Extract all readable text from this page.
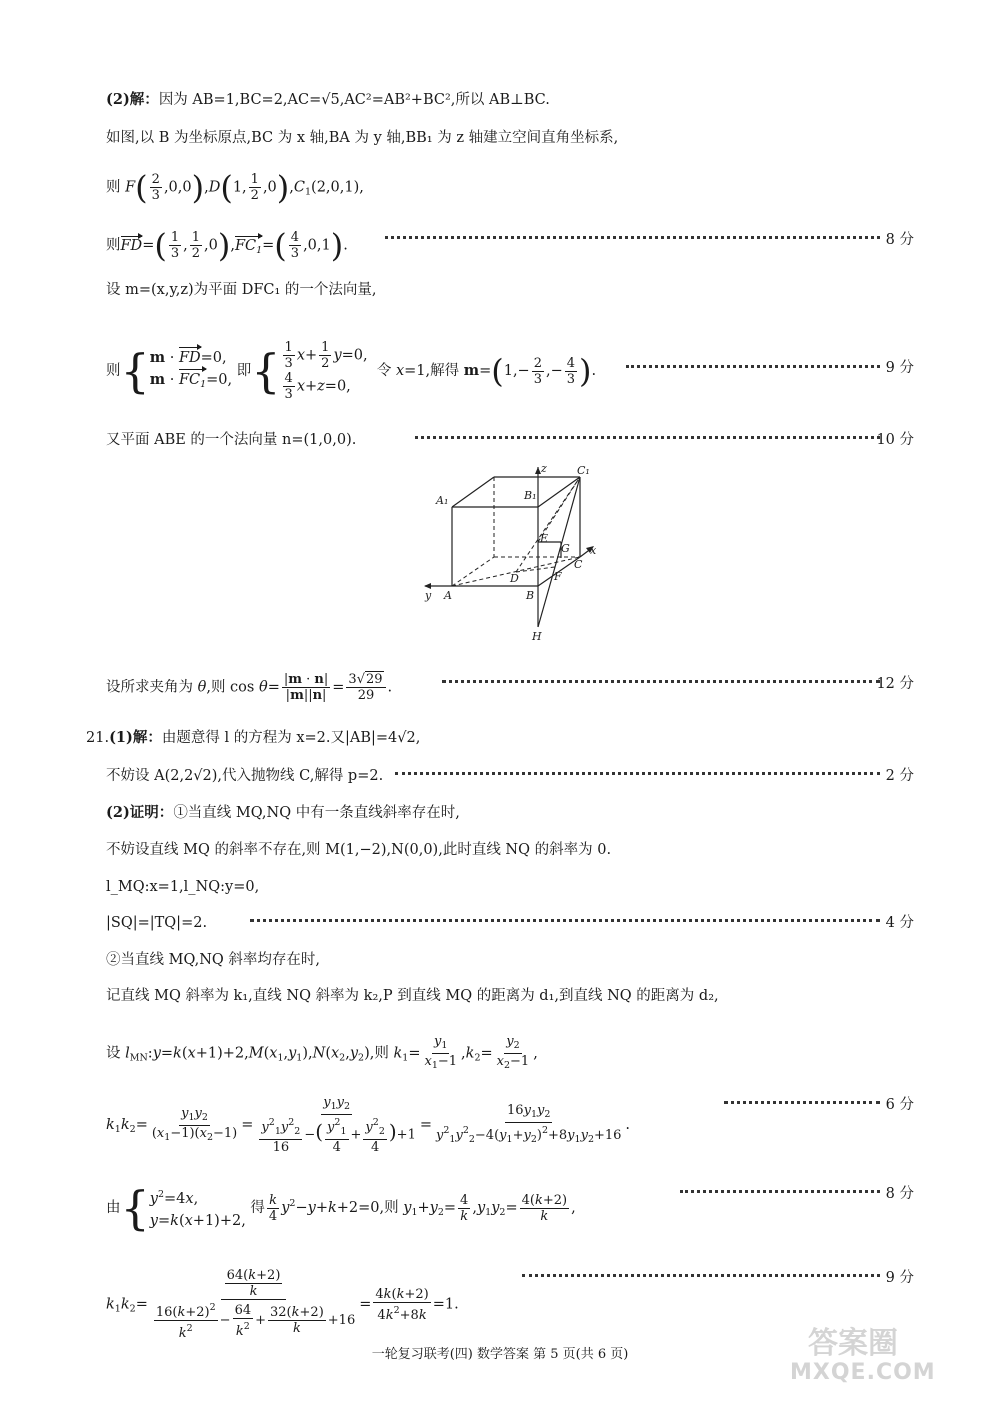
(2)解：因为 AB=1,BC=2,AC=√5,AC²=AB²+BC²,所以 AB⊥BC.
如图,以 B 为坐标原点,BC 为 x 轴,BA 为 y 轴,BB₁ 为 z 轴建立空间直角坐标系,
则 $F( \frac{2}{3} ,0,0),D(1$, $\frac{1}{2} ,0),C_1(2,0,1)$,
则$FD=( \frac{1}{3}$ , $\frac{1}{2} ,0),FC_1=( \frac{4}{3} ,0,1)$.	8 分
设 m=(x,y,z)为平面 DFC₁ 的一个法向量,
则{ m · FD=0,
$m \cdot FC_1=0$,
即{ $\frac{1}{3} x+ \frac{1}{2} y=0$,
$\frac{4}{3} x+z=0$,
令 x=1,解得 $m=(1,- \frac{2}{3}$ ,− $\frac{4}{3}$ ).	9 分
又平面 ABE 的一个法向量 n=(1,0,0).	10 分
z	C₁
A₁	B₁
E
G x
D
C
F
y A	B
H
设所求夹角为 θ,则 $\cos \theta= \frac{|m \cdot n|}{|m||n|} = \frac{3√29}{29}$ .	12 分
21.(1)解：由题意得 l 的方程为 x=2.又|AB|=4√2,
不妨设 A(2,2√2),代入抛物线 C,解得 p=2.	2 分
(2)证明：①当直线 MQ,NQ 中有一条直线斜率存在时,
不妨设直线 MQ 的斜率不存在,则 M(1,−2),N(0,0),此时直线 NQ 的斜率为 0.
l_MQ:x=1,l_NQ:y=0,
|SQ|=|TQ|=2.	4 分
②当直线 MQ,NQ 斜率均存在时,
记直线 MQ 斜率为 k₁,直线 NQ 斜率为 k₂,P 到直线 MQ 的距离为 d₁,到直线 NQ 的距离为 d₂,
设 $l_{MN}:y=k(x+1)+2,M(x_1,y_1),N(x_2,y_2)$,则 $k_1= \frac{y_1}{x_1-1} ,k_2= \frac{y_2}{x_2-1}$ ,
$k_1k_2= \frac{y_1y_2}{(x_1-1)(x_2-1)} = \frac{y_1y_2}{\frac{y^2_1y^2_2}{16} -( \frac{y^2_1}{4} + \frac{y^2_2}{4} )+1} = \frac{16y_1y_2}{y^2_1y^2_2-4(y_1+y_2)^2+8y_1y_2+16}$ .
6 分
由{ $y^2=4x$,
y=k(x+1)+2,
得 $\frac{k}{4} y^2-y+k+2=0$,则 $y_1+y_2= \frac{4}{k} ,y_1y_2= \frac{4(k+2)}{k}$ ,
8 分
$k_1k_2= \frac{\frac{64(k+2)}{k}}{\frac{16(k+2)^2}{k^2} - \frac{64}{k^2} + \frac{32(k+2)}{k} +16} = \frac{4k(k+2)}{4k^2+8k} =1$.
9 分
一轮复习联考(四) 数学答案 第 5 页(共 6 页)	答案圈
MXQE.COM
